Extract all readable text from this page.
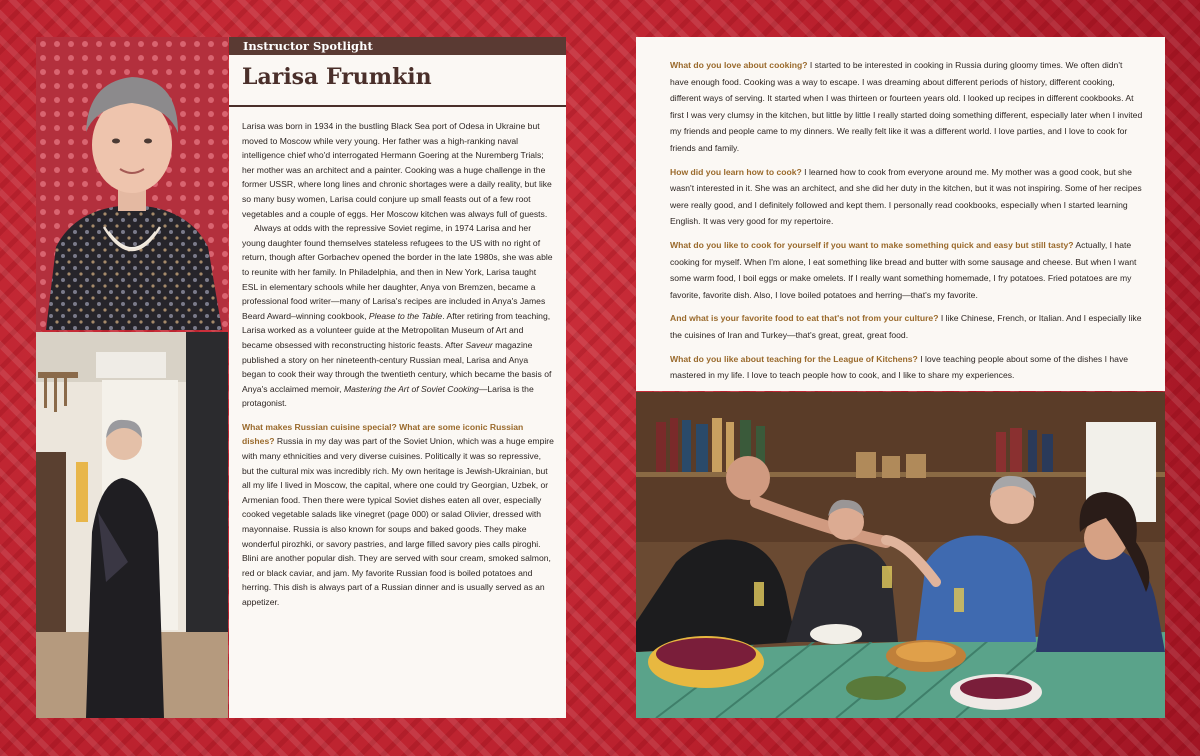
Instructor Spotlight
Larisa Frumkin

Larisa was born in 1934 in the bustling Black Sea port of Odesa in Ukraine but moved to Moscow while very young. Her father was a high-ranking naval intelligence chief who'd interrogated Hermann Goering at the Nuremberg Trials; her mother was an architect and a painter. Cooking was a huge challenge in the former USSR, where long lines and chronic shortages were a daily reality, but like so many busy women, Larisa could conjure up small feasts out of a few root vegetables and a couple of eggs. Her Moscow kitchen was always full of guests.

Always at odds with the repressive Soviet regime, in 1974 Larisa and her young daughter found themselves stateless refugees to the US with no right of return, though after Gorbachev opened the border in the late 1980s, she was able to reunite with her family. In Philadelphia, and then in New York, Larisa taught ESL in elementary schools while her daughter, Anya von Bremzen, became a professional food writer—many of Larisa's recipes are included in Anya's James Beard Award–winning cookbook, Please to the Table. After retiring from teaching, Larisa worked as a volunteer guide at the Metropolitan Museum of Art and became obsessed with reconstructing historic feasts. After Saveur magazine published a story on her nineteenth-century Russian meal, Larisa and Anya began to cook their way through the twentieth century, which became the basis of Anya's acclaimed memoir, Mastering the Art of Soviet Cooking—Larisa is the protagonist.

What makes Russian cuisine special? What are some iconic Russian dishes? Russia in my day was part of the Soviet Union, which was a huge empire with many ethnicities and very diverse cuisines. Politically it was so repressive, but the cultural mix was incredibly rich. My own heritage is Jewish-Ukrainian, but all my life I lived in Moscow, the capital, where one could try Georgian, Uzbek, or Armenian food. Then there were typical Soviet dishes eaten all over, especially cooked vegetable salads like vinegret (page 000) or salad Olivier, dressed with mayonnaise. Russia is also known for soups and baked goods. They make wonderful pirozhki, or savory pastries, and large filled savory pies calls piroghi. Blini are another popular dish. They are served with sour cream, smoked salmon, red or black caviar, and jam. My favorite Russian food is boiled potatoes and herring. This dish is always part of a Russian dinner and is usually served as an appetizer.

What do you love about cooking? I started to be interested in cooking in Russia during gloomy times. We often didn't have enough food. Cooking was a way to escape. I was dreaming about different periods of history, different cooking, different ways of serving. It started when I was thirteen or fourteen years old. I looked up recipes in different cookbooks. At first I was very clumsy in the kitchen, but little by little I really started doing something different, especially later when I invited my friends and people came to my dinners. We really felt like it was a different world. I love parties, and I love to cook for friends and family.

How did you learn how to cook? I learned how to cook from everyone around me. My mother was a good cook, but she wasn't interested in it. She was an architect, and she did her duty in the kitchen, but it was not inspiring. Some of her recipes were really good, and I definitely followed and kept them. I personally read cookbooks, especially when I started learning English. It was very good for my repertoire.

What do you like to cook for yourself if you want to make something quick and easy but still tasty? Actually, I hate cooking for myself. When I'm alone, I eat something like bread and butter with some sausage and cheese. But when I want some warm food, I boil eggs or make omelets. If I really want something homemade, I fry potatoes. Fried potatoes are my favorite, favorite dish. Also, I love boiled potatoes and herring—that's my favorite.

And what is your favorite food to eat that's not from your culture? I like Chinese, French, or Italian. And I especially like the cuisines of Iran and Turkey—that's great, great, great food.

What do you like about teaching for the League of Kitchens? I love teaching people about some of the dishes I have mastered in my life. I love to teach people how to cook, and I like to share my experiences.
